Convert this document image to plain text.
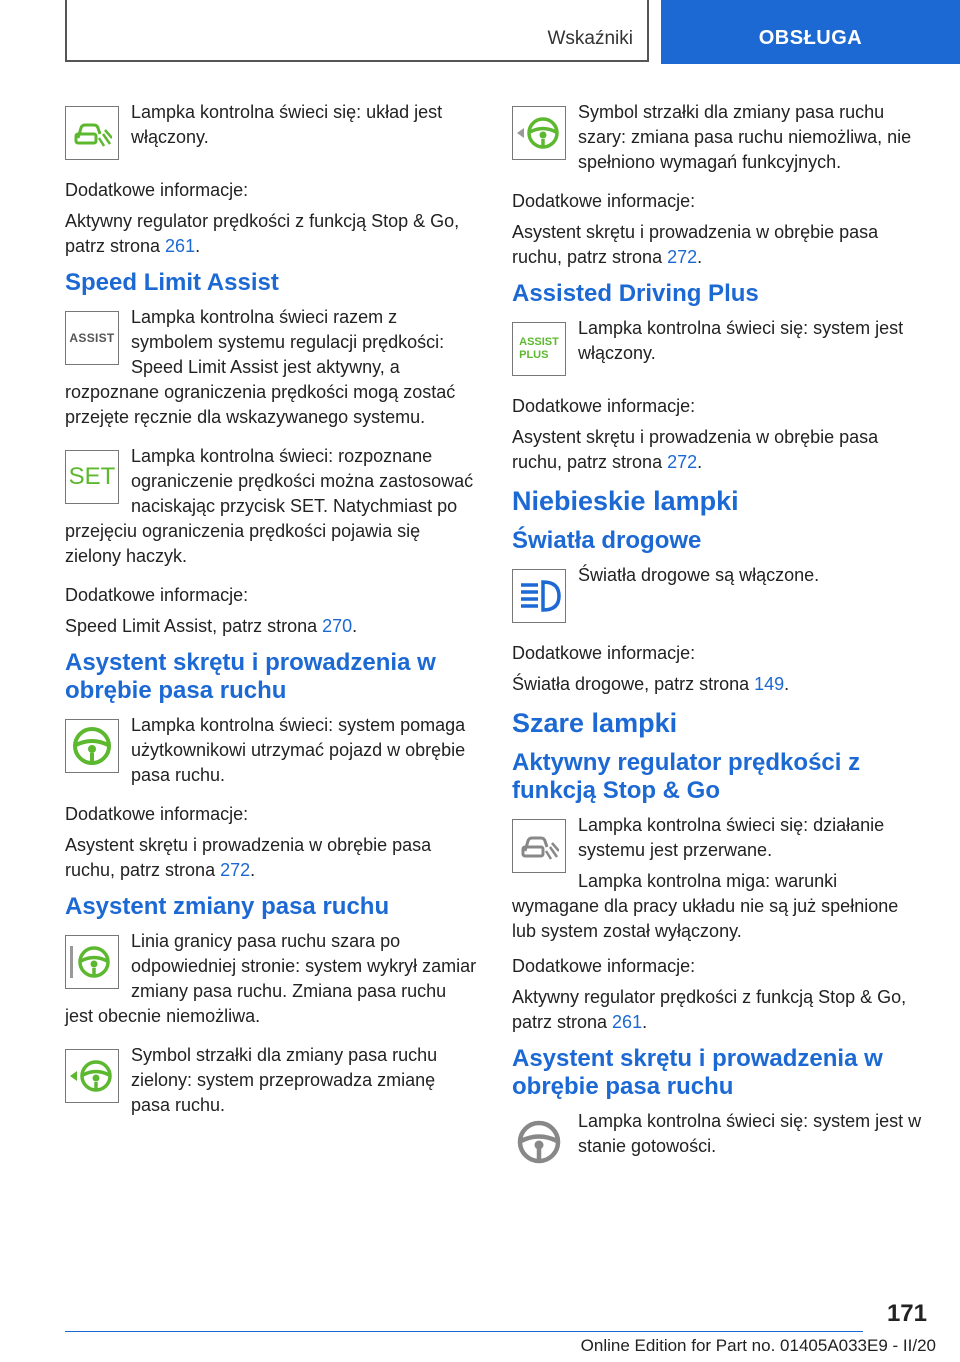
Wskaźniki	OBSŁUGA
Lampka kontrolna świeci się: układ jest włączony.

Dodatkowe informacje:

Aktywny regulator prędkości z funkcją Stop & Go, patrz strona 261.

Speed Limit Assist
ASSIST
Lampka kontrolna świeci razem z symbolem systemu regulacji prędkości: Speed Limit Assist jest aktywny, a rozpoznane ograniczenia prędkości mogą zostać przejęte ręcznie dla wskazywanego systemu.
SET
Lampka kontrolna świeci: rozpoznane ograniczenie prędkości można zastosować naciskając przycisk SET. Natychmiast po przejęciu ograniczenia prędkości pojawia się zielony haczyk.

Dodatkowe informacje:

Speed Limit Assist, patrz strona 270.

Asystent skrętu i prowadzenia w obrębie pasa ruchu
Lampka kontrolna świeci: system pomaga użytkownikowi utrzymać pojazd w obrębie pasa ruchu.

Dodatkowe informacje:

Asystent skrętu i prowadzenia w obrębie pasa ruchu, patrz strona 272.

Asystent zmiany pasa ruchu
Linia granicy pasa ruchu szara po odpowiedniej stronie: system wykrył zamiar zmiany pasa ruchu. Zmiana pasa ruchu jest obecnie niemożliwa.
Symbol strzałki dla zmiany pasa ruchu zielony: system przeprowadza zmianę pasa ruchu.
Symbol strzałki dla zmiany pasa ruchu szary: zmiana pasa ruchu niemożliwa, nie spełniono wymagań funkcyjnych.

Dodatkowe informacje:

Asystent skrętu i prowadzenia w obrębie pasa ruchu, patrz strona 272.

Assisted Driving Plus
ASSIST
PLUS
Lampka kontrolna świeci się: system jest włączony.

Dodatkowe informacje:

Asystent skrętu i prowadzenia w obrębie pasa ruchu, patrz strona 272.

Niebieskie lampki
Światła drogowe
Światła drogowe są włączone.

Dodatkowe informacje:

Światła drogowe, patrz strona 149.

Szare lampki
Aktywny regulator prędkości z funkcją Stop & Go
Lampka kontrolna świeci się: działanie systemu jest przerwane.
Lampka kontrolna miga: warunki wymagane dla pracy układu nie są już spełnione lub system został wyłączony.

Dodatkowe informacje:

Aktywny regulator prędkości z funkcją Stop & Go, patrz strona 261.

Asystent skrętu i prowadzenia w obrębie pasa ruchu
Lampka kontrolna świeci się: system jest w stanie gotowości.
171
Online Edition for Part no. 01405A033E9 - II/20
